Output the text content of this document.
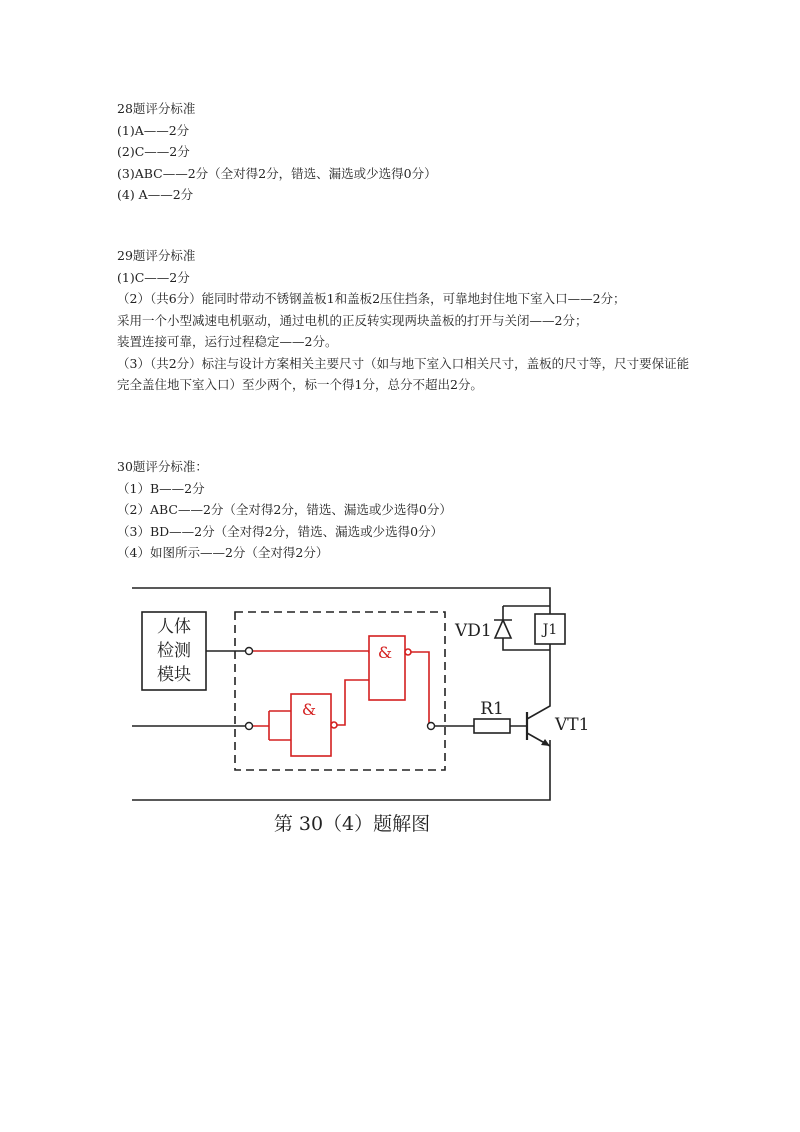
28题评分标准
(1)A——2分
(2)C——2分
(3)ABC——2分（全对得2分，错选、漏选或少选得0分）
(4) A——2分
29题评分标准
(1)C——2分
（2）（共6分）能同时带动不锈钢盖板1和盖板2压住挡条，可靠地封住地下室入口——2分；
采用一个小型减速电机驱动，通过电机的正反转实现两块盖板的打开与关闭——2分；
装置连接可靠，运行过程稳定——2分。
（3）（共2分）标注与设计方案相关主要尺寸（如与地下室入口相关尺寸，盖板的尺寸等，尺寸要保证能完全盖住地下室入口）至少两个，标一个得1分，总分不超出2分。
30题评分标准：
（1）B——2分
（2）ABC——2分（全对得2分，错选、漏选或少选得0分）
（3）BD——2分（全对得2分，错选、漏选或少选得0分）
（4）如图所示——2分（全对得2分）
人体
检测
模块
&
&	R1
VT1
J1
VD1
第 30（4）题解图
